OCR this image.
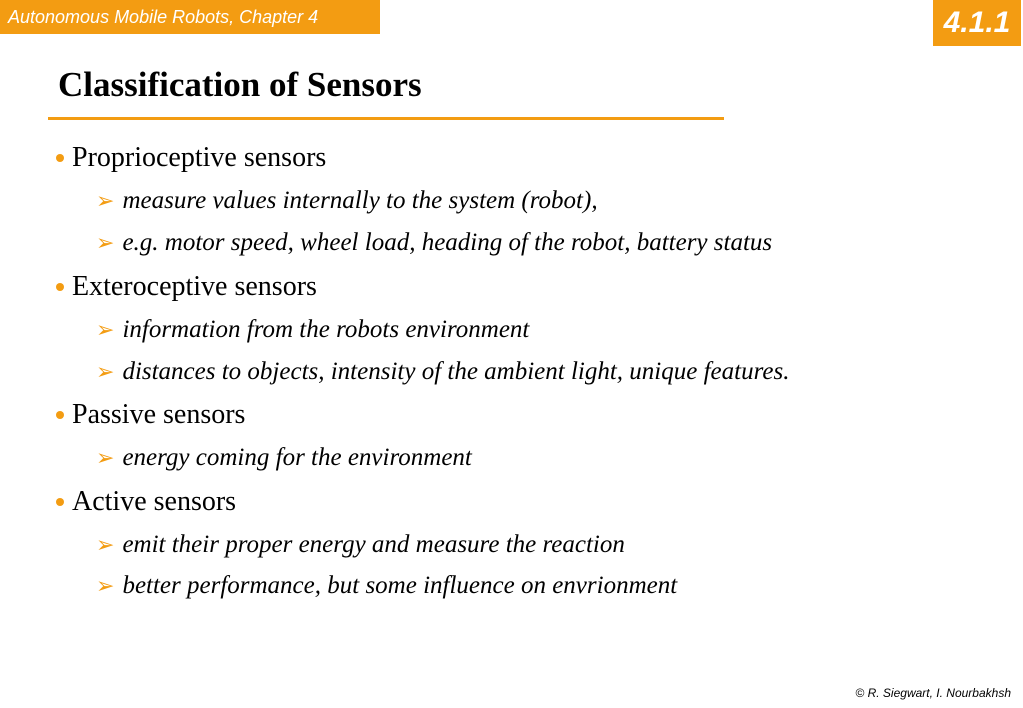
Autonomous Mobile Robots, Chapter 4	4.1.1
Classification of Sensors
Proprioceptive sensors
➢ measure values internally to the system (robot),
➢ e.g. motor speed, wheel load, heading of the robot, battery status
Exteroceptive sensors
➢ information from the robots environment
➢ distances to objects, intensity of the ambient light, unique features.
Passive sensors
➢ energy coming for the environment
Active sensors
➢ emit their proper energy and measure the reaction
➢ better performance, but some influence on envrionment
© R. Siegwart, I. Nourbakhsh
